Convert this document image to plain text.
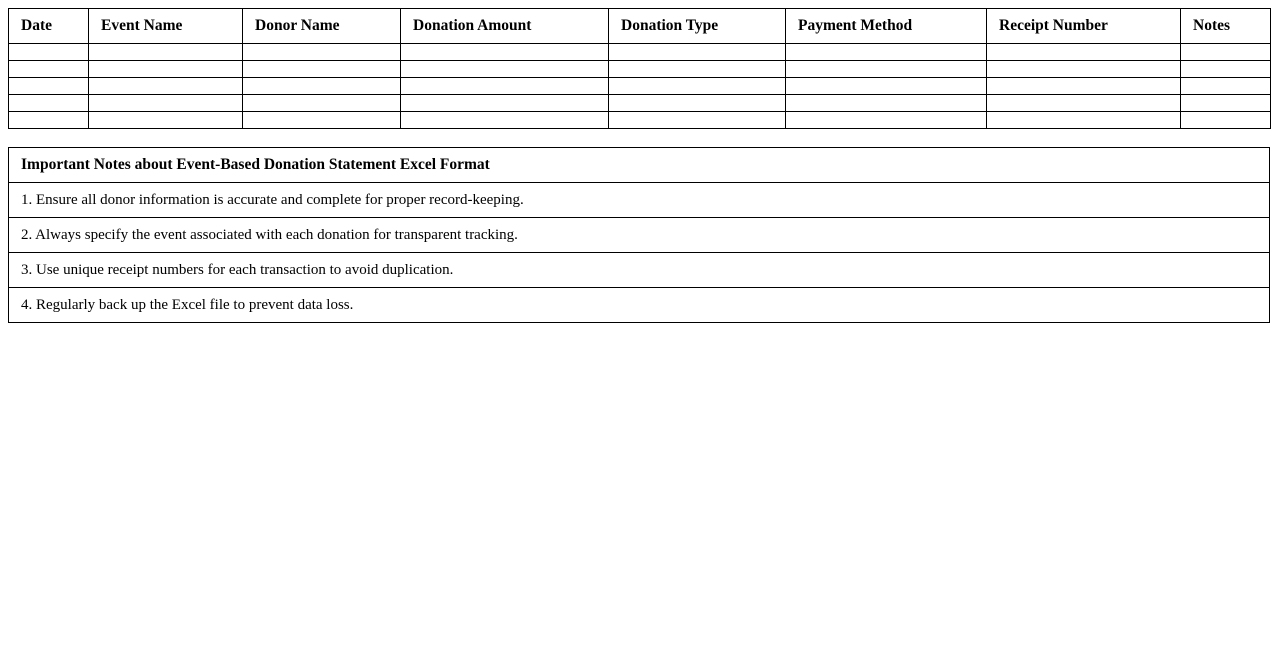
Date	Event Name	Donor Name	Donation Amount	Donation Type	Payment Method	Receipt Number	Notes

Important Notes about Event-Based Donation Statement Excel Format
1. Ensure all donor information is accurate and complete for proper record-keeping.
2. Always specify the event associated with each donation for transparent tracking.
3. Use unique receipt numbers for each transaction to avoid duplication.
4. Regularly back up the Excel file to prevent data loss.
